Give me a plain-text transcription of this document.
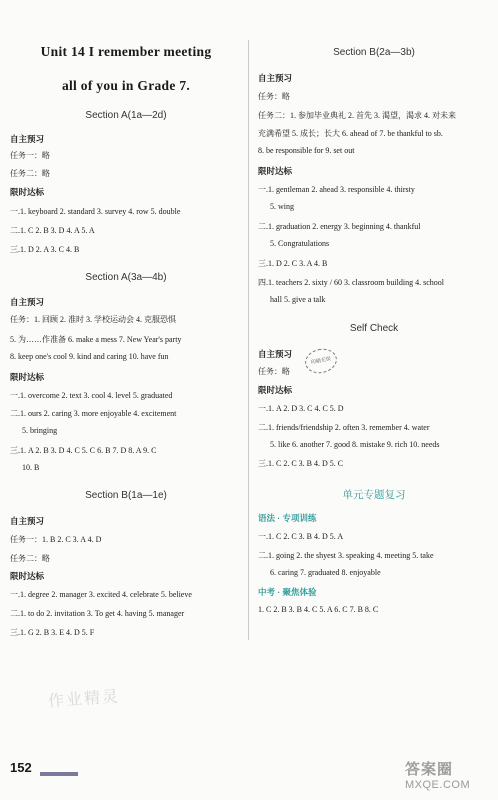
Unit 14 I remember meeting
all of you in Grade 7.
Section A(1a—2d)
自主预习
任务一：略
任务二：略
限时达标
一.1. keyboard 2. standard 3. survey 4. row 5. double
二.1. C 2. B 3. D 4. A 5. A
三.1. D 2. A 3. C 4. B
Section A(3a—4b)
自主预习
任务：1. 回顾 2. 准时 3. 学校运动会 4. 克服恐惧
5. 为……作准备 6. make a mess 7. New Year's party
8. keep one's cool 9. kind and caring 10. have fun
限时达标
一.1. overcome 2. text 3. cool 4. level 5. graduated
二.1. ours 2. caring 3. more enjoyable 4. excitement
5. bringing
三.1. A 2. B 3. D 4. C 5. C 6. B 7. D 8. A 9. C
10. B
Section B(1a—1e)
自主预习
任务一：1. B 2. C 3. A 4. D
任务二：略
限时达标
一.1. degree 2. manager 3. excited 4. celebrate 5. believe
二.1. to do 2. invitation 3. To get 4. having 5. manager
三.1. G 2. B 3. E 4. D 5. F
Section B(2a—3b)
自主预习
任务：略
任务二：1. 参加毕业典礼 2. 首先 3. 渴望，渴求 4. 对未来
充满希望 5. 成长；长大 6. ahead of 7. be thankful to sb.
8. be responsible for 9. set out
限时达标
一.1. gentleman 2. ahead 3. responsible 4. thirsty
5. wing
二.1. graduation 2. energy 3. beginning 4. thankful
5. Congratulations
三.1. D 2. C 3. A 4. B
四.1. teachers 2. sixty / 60 3. classroom building 4. school
hall 5. give a talk
Self Check
自主预习
印刷无误
任务：略
限时达标
一.1. A 2. D 3. C 4. C 5. D
二.1. friends/friendship 2. often 3. remember 4. water
5. like 6. another 7. good 8. mistake 9. rich 10. needs
三.1. C 2. C 3. B 4. D 5. C
单元专题复习
语法 · 专项训练
一.1. C 2. C 3. B 4. D 5. A
二.1. going 2. the shyest 3. speaking 4. meeting 5. take
6. caring 7. graduated 8. enjoyable
中考 · 聚焦体验
1. C 2. B 3. B 4. C 5. A 6. C 7. B 8. C
作业精灵
152	答案圈
MXQE.COM
